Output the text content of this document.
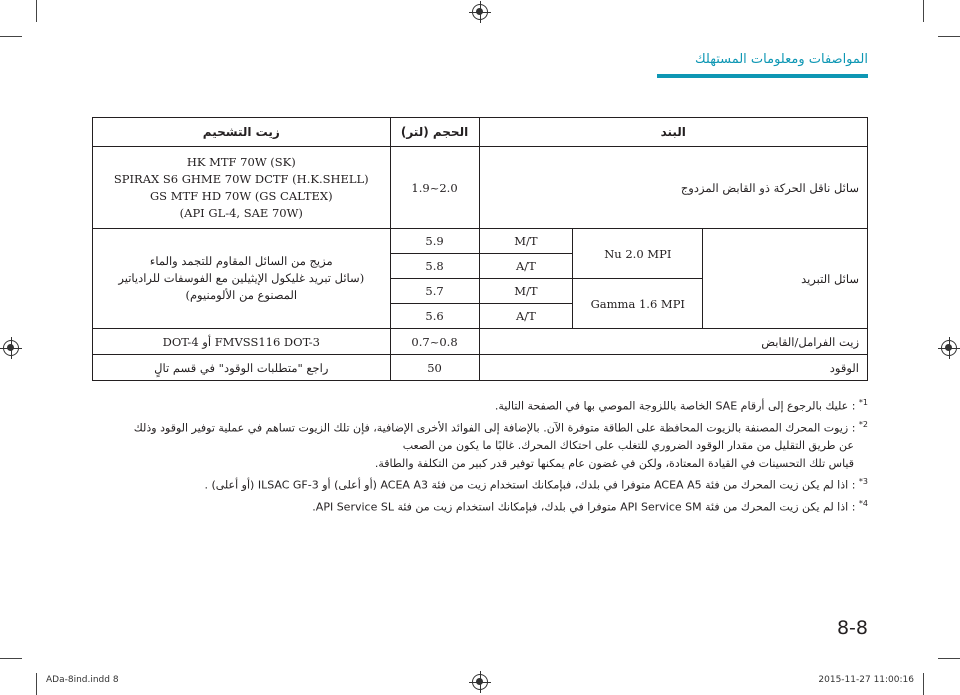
المواصفات ومعلومات المستهلك
زيت التشحيم	الحجم (لتر)	البند		

HK MTF 70W (SK)
SPIRAX S6 GHME 70W DCTF (H.K.SHELL)
GS MTF HD 70W (GS CALTEX)
(API GL-4, SAE 70W)	1.9~2.0	سائل ناقل الحركة ذو القابض المزدوج		

مزيج من السائل المقاوم للتجمد والماء
(سائل تبريد غليكول الإيثيلين مع الفوسفات للرادياتير
المصنوع من الألومنيوم)	5.9	M/T	Nu 2.0 MPI	سائل التبريد
	5.8	A/T		
	5.7	M/T	Gamma 1.6 MPI	
	5.6	A/T		
FMVSS116 DOT-3 أو DOT-4	0.7~0.8	زيت الفرامل/القابض		
راجع "متطلبات الوقود" في قسم تالٍ	50	الوقود		

$^{1*}$ : عليك بالرجوع إلى أرقام SAE الخاصة باللزوجة الموصي بها في الصفحة التالية.

$^{2*}$ : زيوت المحرك المصنفة بالزيوت المحافظة على الطاقة متوفرة الآن. بالإضافة إلى الفوائد الأخرى الإضافية، فإن تلك الزيوت تساهم في عملية توفير الوقود وذلك

عن طريق التقليل من مقدار الوقود الضروري للتغلب على احتكاك المحرك. غالبًا ما يكون من الصعب

قياس تلك التحسينات في القيادة المعتادة، ولكن في غضون عام يمكنها توفير قدر كبير من التكلفة والطاقة.

$^{3*}$ : اذا لم يكن زيت المحرك من فئة ACEA A5 متوفرا في بلدك، فبإمكانك استخدام زيت من فئة ACEA A3 (أو أعلى) أو ILSAC GF-3 (أو أعلى) .

$^{4*}$ : اذا لم يكن زيت المحرك من فئة API Service SM متوفرا في بلدك، فبإمكانك استخدام زيت من فئة API Service SL.

8-8
ADa-8ind.indd 8	2015-11-27 11:00:16
